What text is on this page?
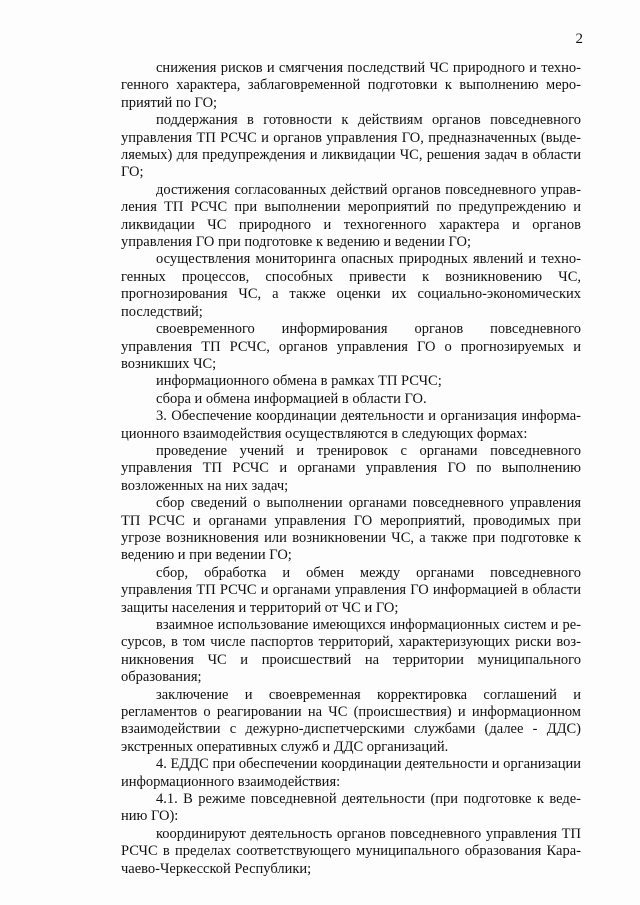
2

снижения рисков и смягчения последствий ЧС природного и техногенного характера, заблаговременной подготовки к выполнению мероприятий по ГО;

поддержания в готовности к действиям органов повседневного управления ТП РСЧС и органов управления ГО, предназначенных (выделяемых) для предупреждения и ликвидации ЧС, решения задач в области ГО;

достижения согласованных действий органов повседневного управления ТП РСЧС при выполнении мероприятий по предупреждению и ликвидации ЧС природного и техногенного характера и органов управления ГО при подготовке к ведению и ведении ГО;

осуществления мониторинга опасных природных явлений и техногенных процессов, способных привести к возникновению ЧС, прогнозирования ЧС, а также оценки их социально-экономических последствий;

своевременного информирования органов повседневного управления ТП РСЧС, органов управления ГО о прогнозируемых и возникших ЧС;

информационного обмена в рамках ТП РСЧС;

сбора и обмена информацией в области ГО.

3. Обеспечение координации деятельности и организация информационного взаимодействия осуществляются в следующих формах:

проведение учений и тренировок с органами повседневного управления ТП РСЧС и органами управления ГО по выполнению возложенных на них задач;

сбор сведений о выполнении органами повседневного управления ТП РСЧС и органами управления ГО мероприятий, проводимых при угрозе возникновения или возникновении ЧС, а также при подготовке к ведению и при ведении ГО;

сбор, обработка и обмен между органами повседневного управления ТП РСЧС и органами управления ГО информацией в области защиты населения и территорий от ЧС и ГО;

взаимное использование имеющихся информационных систем и ресурсов, в том числе паспортов территорий, характеризующих риски возникновения ЧС и происшествий на территории муниципального образования;

заключение и своевременная корректировка соглашений и регламентов о реагировании на ЧС (происшествия) и информационном взаимодействии с дежурно-диспетчерскими службами (далее - ДДС) экстренных оперативных служб и ДДС организаций.

4. ЕДДС при обеспечении координации деятельности и организации информационного взаимодействия:

4.1. В режиме повседневной деятельности (при подготовке к ведению ГО):

координируют деятельность органов повседневного управления ТП РСЧС в пределах соответствующего муниципального образования Карачаево-Черкесской Республики;
